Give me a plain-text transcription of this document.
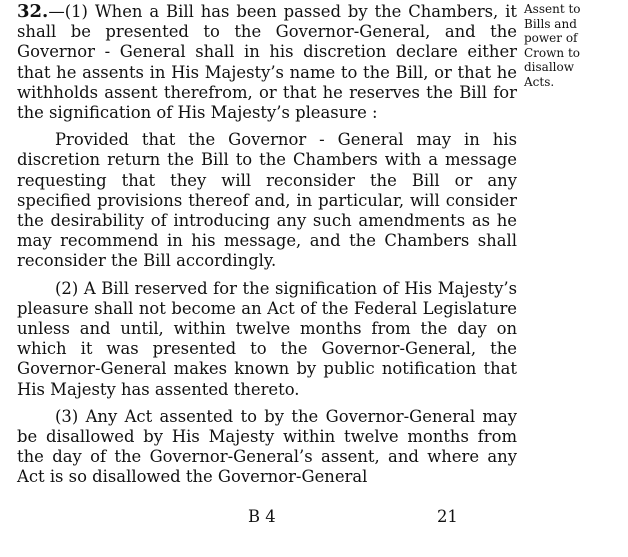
32.—(1) When a Bill has been passed by the Chambers, it shall be presented to the Governor-General, and the Governor - General shall in his discretion declare either that he assents in His Majesty’s name to the Bill, or that he withholds assent therefrom, or that he reserves the Bill for the signification of His Majesty’s pleasure :

Provided that the Governor - General may in his discretion return the Bill to the Chambers with a message requesting that they will reconsider the Bill or any specified provisions thereof and, in particular, will consider the desirability of introducing any such amendments as he may recommend in his message, and the Chambers shall reconsider the Bill accordingly.

(2) A Bill reserved for the signification of His Majesty’s pleasure shall not become an Act of the Federal Legislature unless and until, within twelve months from the day on which it was presented to the Governor-General, the Governor-General makes known by public notification that His Majesty has assented thereto.

(3) Any Act assented to by the Governor-General may be disallowed by His Majesty within twelve months from the day of the Governor-General’s assent, and where any Act is so disallowed the Governor-General

Assent to
Bills and
power of
Crown to
disallow
Acts.
B 4	21
